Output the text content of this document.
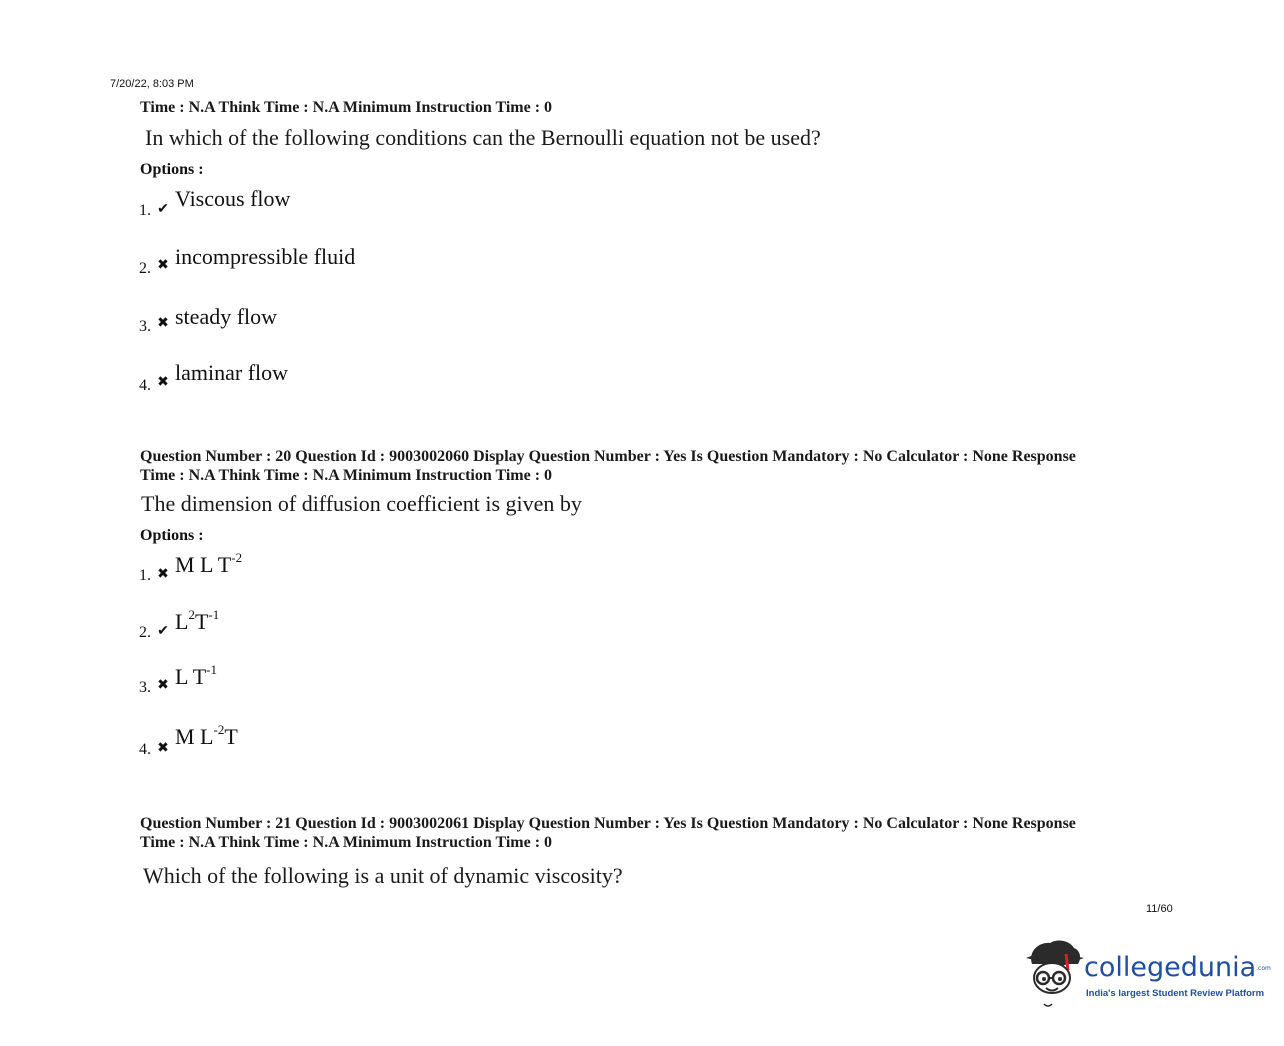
7/20/22, 8:03 PM
Time : N.A Think Time : N.A Minimum Instruction Time : 0
In which of the following conditions can the Bernoulli equation not be used?
Options :
1. ✔ Viscous flow
2. ✖ incompressible fluid
3. ✖ steady flow
4. ✖ laminar flow
Question Number : 20 Question Id : 9003002060 Display Question Number : Yes Is Question Mandatory : No Calculator : None Response
Time : N.A Think Time : N.A Minimum Instruction Time : 0
The dimension of diffusion coefficient is given by
Options :
1. ✖ M L $T^{-2}$
2. ✔ $L^2T^{-1}$
3. ✖ L $T^{-1}$
4. ✖ M $L^{-2}T$
Question Number : 21 Question Id : 9003002061 Display Question Number : Yes Is Question Mandatory : No Calculator : None Response
Time : N.A Think Time : N.A Minimum Instruction Time : 0
Which of the following is a unit of dynamic viscosity?
11/60
collegedunia.com
India's largest Student Review Platform
